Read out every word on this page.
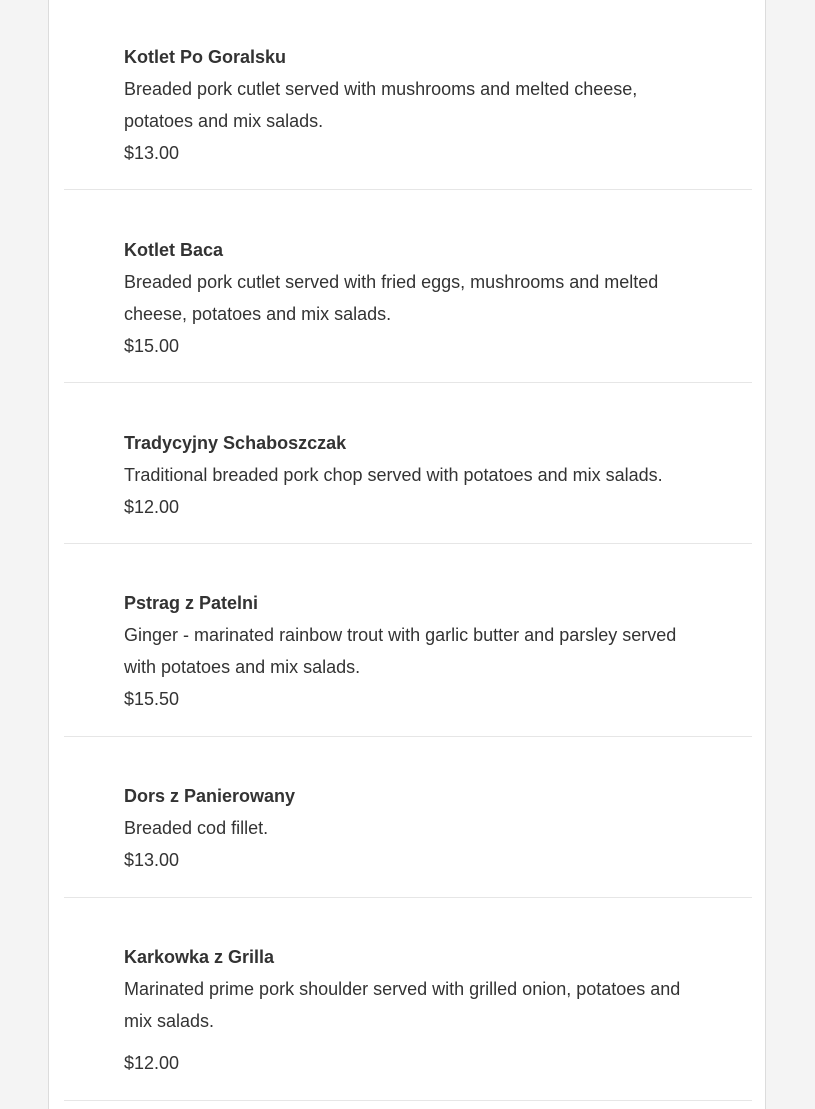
Kotlet Po Goralsku
Breaded pork cutlet served with mushrooms and melted cheese, potatoes and mix salads.
$13.00
Kotlet Baca
Breaded pork cutlet served with fried eggs, mushrooms and melted cheese, potatoes and mix salads.
$15.00
Tradycyjny Schaboszczak
Traditional breaded pork chop served with potatoes and mix salads.
$12.00
Pstrag z Patelni
Ginger - marinated rainbow trout with garlic butter and parsley served with potatoes and mix salads.
$15.50
Dors z Panierowany
Breaded cod fillet.
$13.00
Karkowka z Grilla
Marinated prime pork shoulder served with grilled onion, potatoes and mix salads.
$12.00
